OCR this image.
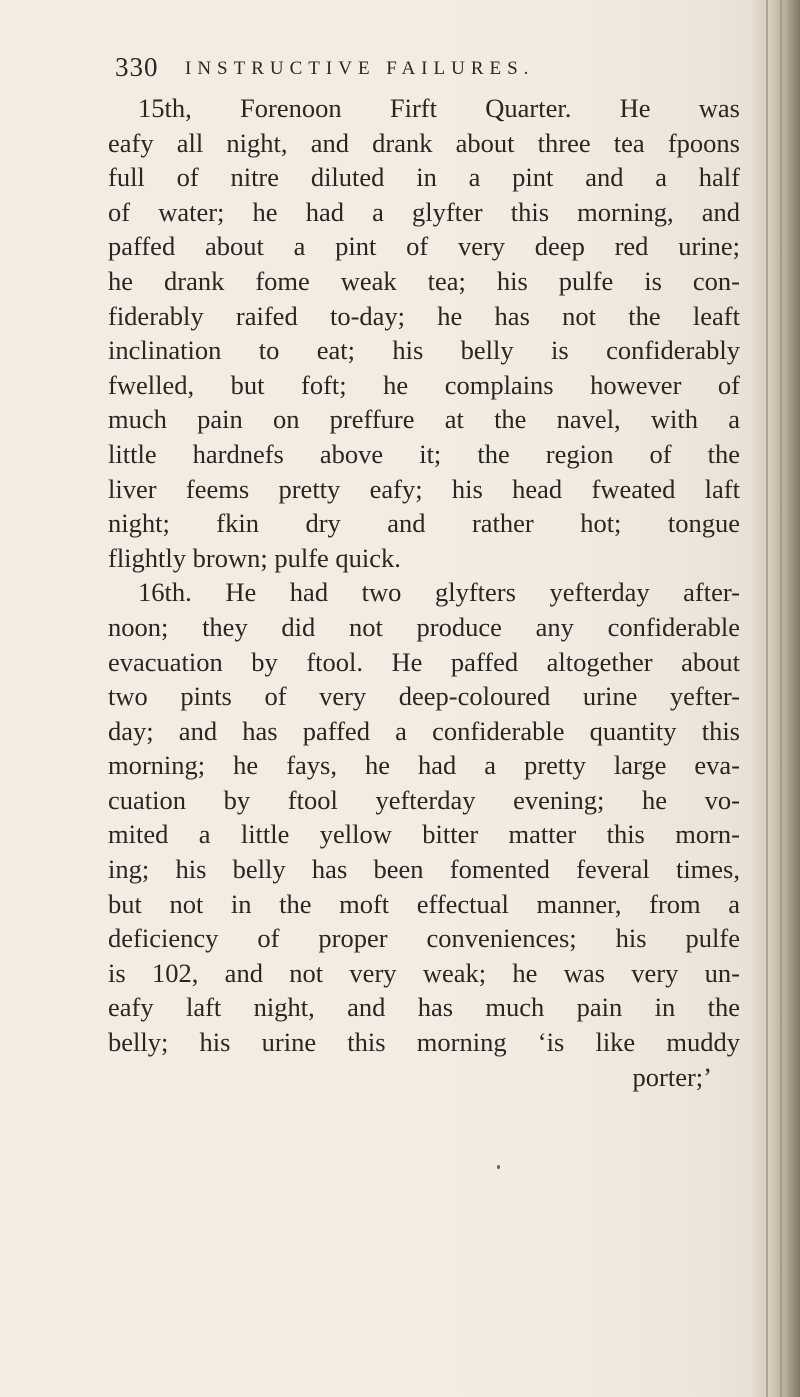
330 INSTRUCTIVE FAILURES.
15th, Forenoon Firft Quarter. He was
eafy all night, and drank about three tea fpoons
full of nitre diluted in a pint and a half
of water; he had a glyfter this morning, and
paffed about a pint of very deep red urine;
he drank fome weak tea; his pulfe is con-
fiderably raifed to-day; he has not the leaft
inclination to eat; his belly is confiderably
fwelled, but foft; he complains however of
much pain on preffure at the navel, with a
little hardnefs above it; the region of the
liver feems pretty eafy; his head fweated laft
night; fkin dry and rather hot; tongue
flightly brown; pulfe quick.
16th. He had two glyfters yefterday after-
noon; they did not produce any confiderable
evacuation by ftool. He paffed altogether about
two pints of very deep-coloured urine yefter-
day; and has paffed a confiderable quantity this
morning; he fays, he had a pretty large eva-
cuation by ftool yefterday evening; he vo-
mited a little yellow bitter matter this morn-
ing; his belly has been fomented feveral times,
but not in the moft effectual manner, from a
deficiency of proper conveniences; his pulfe
is 102, and not very weak; he was very un-
eafy laft night, and has much pain in the
belly; his urine this morning ‘is like muddy
porter;’
